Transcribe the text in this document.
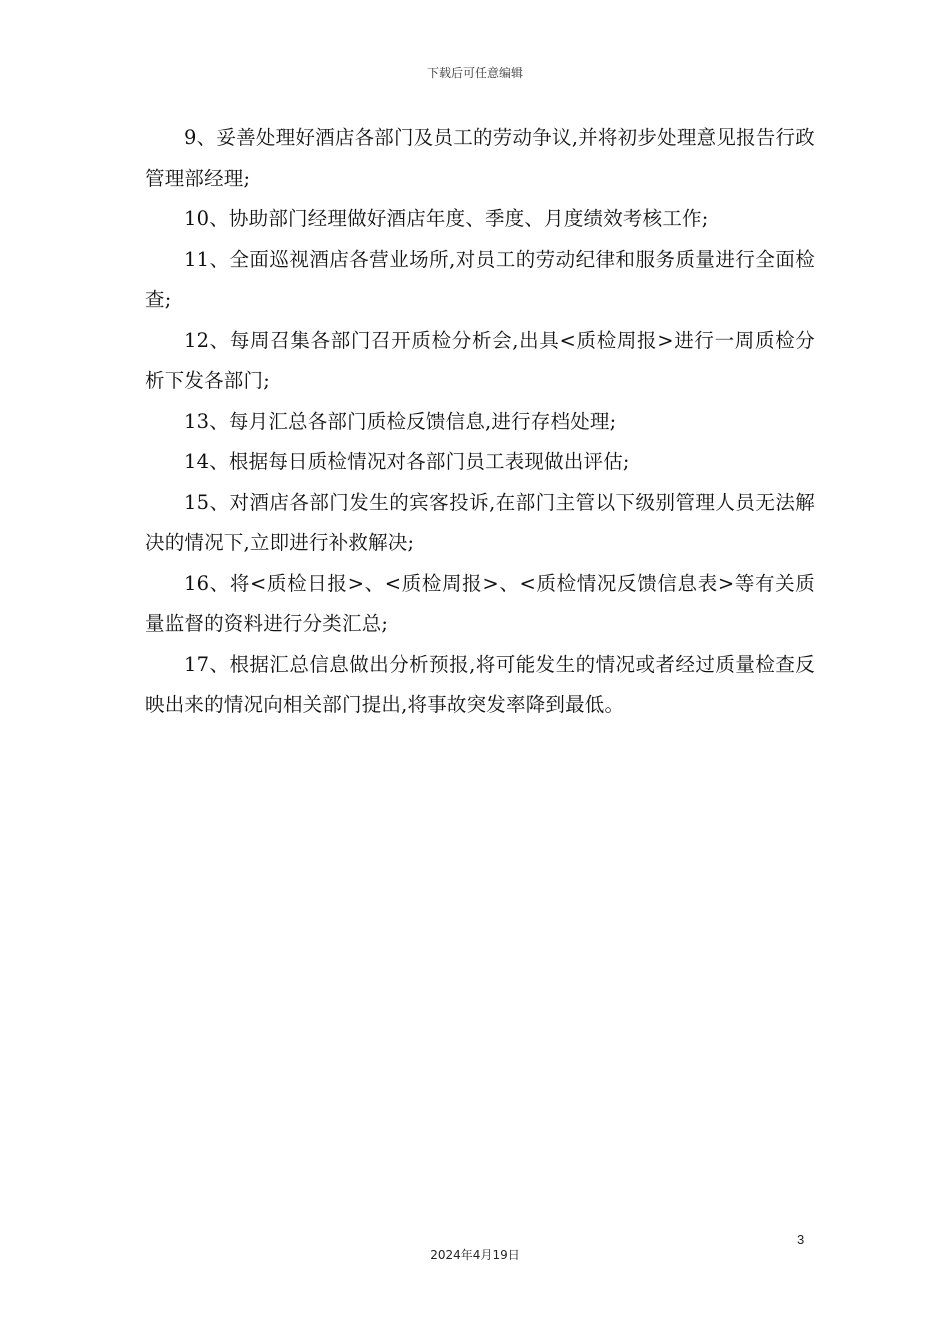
下载后可任意编辑

9、妥善处理好酒店各部门及员工的劳动争议,并将初步处理意见报告行政管理部经理;

10、协助部门经理做好酒店年度、季度、月度绩效考核工作;

11、全面巡视酒店各营业场所,对员工的劳动纪律和服务质量进行全面检查;

12、每周召集各部门召开质检分析会,出具<质检周报>进行一周质检分析下发各部门;

13、每月汇总各部门质检反馈信息,进行存档处理;

14、根据每日质检情况对各部门员工表现做出评估;

15、对酒店各部门发生的宾客投诉,在部门主管以下级别管理人员无法解决的情况下,立即进行补救解决;

16、将<质检日报>、<质检周报>、<质检情况反馈信息表>等有关质量监督的资料进行分类汇总;

17、根据汇总信息做出分析预报,将可能发生的情况或者经过质量检查反映出来的情况向相关部门提出,将事故突发率降到最低。

3
2024年4月19日
